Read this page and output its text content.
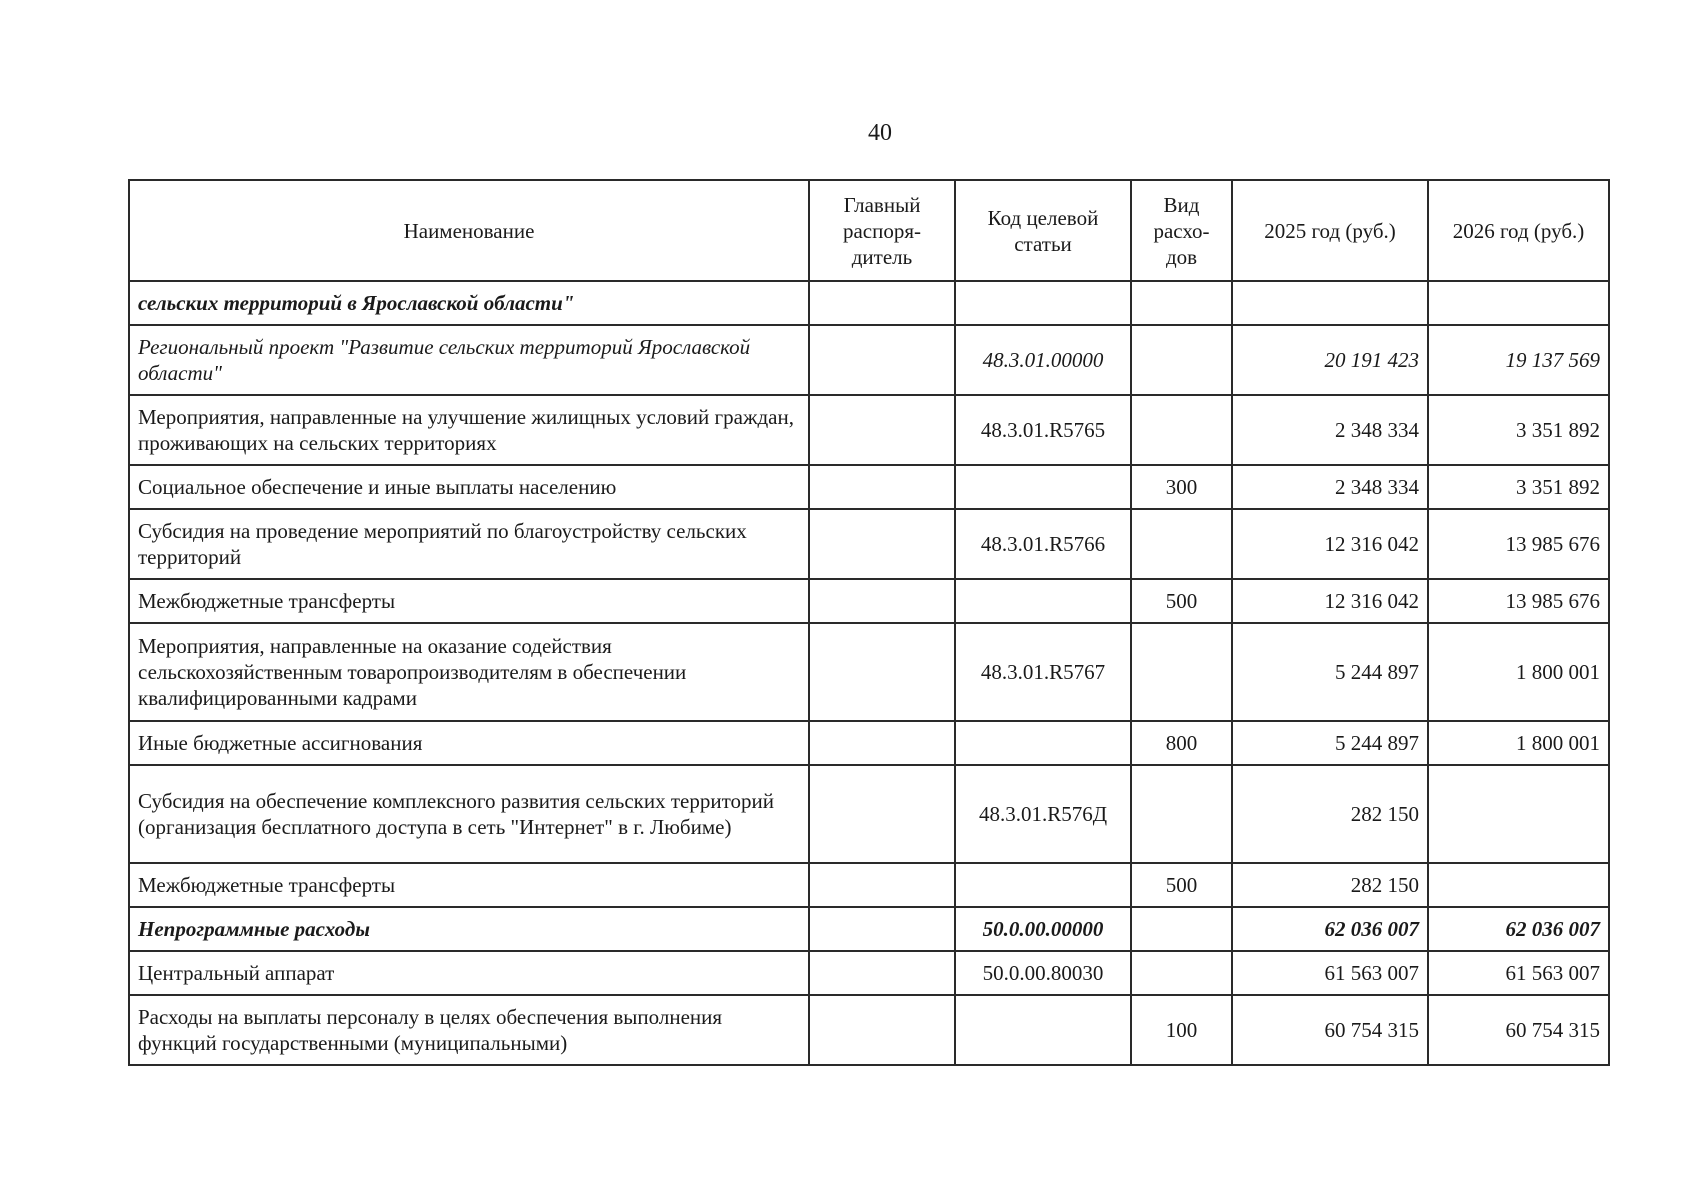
40
Наименование	Главный распоря-дитель	Код целевой статьи	Вид расхо-дов	2025 год (руб.)	2026 год (руб.)
сельских территорий в Ярославской области"					
Региональный проект "Развитие сельских территорий Ярославской области"		48.3.01.00000		20 191 423	19 137 569
Мероприятия, направленные на улучшение жилищных условий граждан, проживающих на сельских территориях		48.3.01.R5765		2 348 334	3 351 892
Социальное обеспечение и иные выплаты населению			300	2 348 334	3 351 892
Субсидия на проведение мероприятий по благоустройству сельских территорий		48.3.01.R5766		12 316 042	13 985 676
Межбюджетные трансферты			500	12 316 042	13 985 676
Мероприятия, направленные на оказание содействия сельскохозяйственным товаропроизводителям в обеспечении квалифицированными кадрами		48.3.01.R5767		5 244 897	1 800 001
Иные бюджетные ассигнования			800	5 244 897	1 800 001
Субсидия на обеспечение комплексного развития сельских территорий (организация бесплатного доступа в сеть "Интернет" в г. Любиме)		48.3.01.R576Д		282 150	
Межбюджетные трансферты			500	282 150	
Непрограммные расходы		50.0.00.00000		62 036 007	62 036 007
Центральный аппарат		50.0.00.80030		61 563 007	61 563 007
Расходы на выплаты персоналу в целях обеспечения выполнения функций государственными (муниципальными)			100	60 754 315	60 754 315
